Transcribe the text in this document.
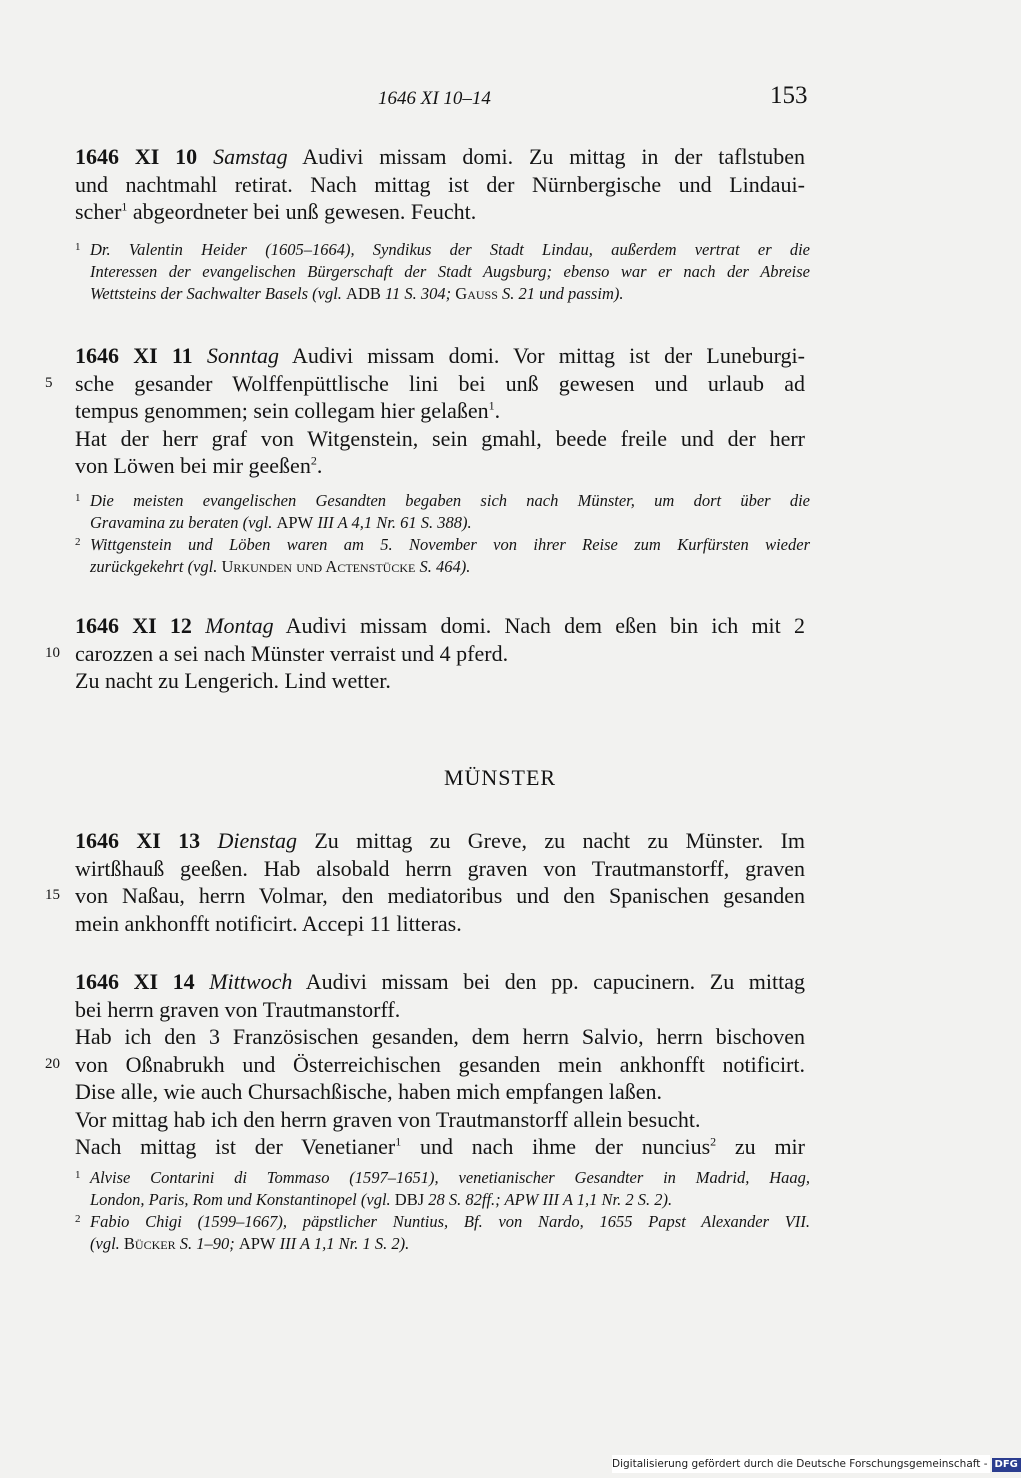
1646 XI 10–14	153
1646 XI 10 Samstag Audivi missam domi. Zu mittag in der taflstuben
und nachtmahl retirat. Nach mittag ist der Nürnbergische und Lindaui-
scher$^1$ abgeordneter bei unß gewesen. Feucht.
1 Dr. Valentin Heider (1605–1664), Syndikus der Stadt Lindau, außerdem vertrat er die
Interessen der evangelischen Bürgerschaft der Stadt Augsburg; ebenso war er nach der Abreise
Wettsteins der Sachwalter Basels (vgl. ADB 11 S. 304; Gauss S. 21 und passim).
1646 XI 11 Sonntag Audivi missam domi. Vor mittag ist der Luneburgi-
5	sche gesander Wolffenpüttlische lini bei unß gewesen und urlaub ad
tempus genommen; sein collegam hier gelaßen$^1$.
Hat der herr graf von Witgenstein, sein gmahl, beede freile und der herr
von Löwen bei mir geeßen$^2$.
1 Die meisten evangelischen Gesandten begaben sich nach Münster, um dort über die
Gravamina zu beraten (vgl. APW III A 4,1 Nr. 61 S. 388).
2 Wittgenstein und Löben waren am 5. November von ihrer Reise zum Kurfürsten wieder
zurückgekehrt (vgl. Urkunden und Actenstücke S. 464).
1646 XI 12 Montag Audivi missam domi. Nach dem eßen bin ich mit 2
10 carozzen a sei nach Münster verraist und 4 pferd.
Zu nacht zu Lengerich. Lind wetter.
MÜNSTER
1646 XI 13 Dienstag Zu mittag zu Greve, zu nacht zu Münster. Im
wirtßhauß geeßen. Hab alsobald herrn graven von Trautmanstorff, graven
15 von Naßau, herrn Volmar, den mediatoribus und den Spanischen gesanden
mein ankhonfft notificirt. Accepi 11 litteras.
1646 XI 14 Mittwoch Audivi missam bei den pp. capucinern. Zu mittag
bei herrn graven von Trautmanstorff.
Hab ich den 3 Französischen gesanden, dem herrn Salvio, herrn bischoven
20 von Oßnabrukh und Österreichischen gesanden mein ankhonfft notificirt.
Dise alle, wie auch Chursachßische, haben mich empfangen laßen.
Vor mittag hab ich den herrn graven von Trautmanstorff allein besucht.
Nach mittag ist der Venetianer$^1$ und nach ihme der nuncius$^2$ zu mir
1 Alvise Contarini di Tommaso (1597–1651), venetianischer Gesandter in Madrid, Haag,
London, Paris, Rom und Konstantinopel (vgl. DBJ 28 S. 82ff.; APW III A 1,1 Nr. 2 S. 2).
2 Fabio Chigi (1599–1667), päpstlicher Nuntius, Bf. von Nardo, 1655 Papst Alexander VII.
(vgl. Bücker S. 1–90; APW III A 1,1 Nr. 1 S. 2).
Digitalisierung gefördert durch die Deutsche Forschungsgemeinschaft - DFG
